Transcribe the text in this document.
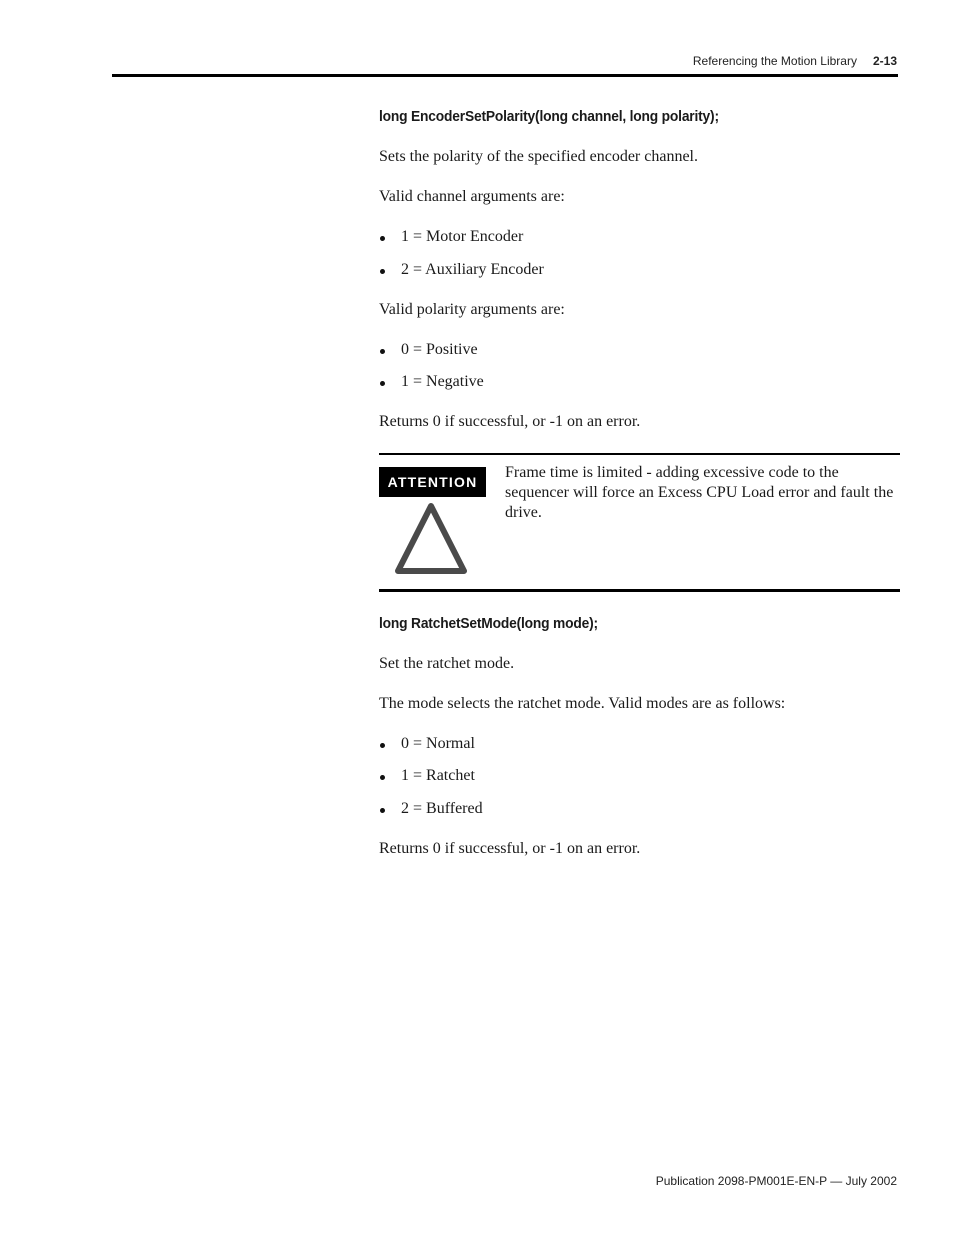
Referencing the Motion Library 2-13
long EncoderSetPolarity(long channel, long polarity);

Sets the polarity of the specified encoder channel.

Valid channel arguments are:

1 = Motor Encoder
2 = Auxiliary Encoder

Valid polarity arguments are:

0 = Positive
1 = Negative

Returns 0 if successful, or -1 on an error.

ATTENTION
Frame time is limited - adding excessive code to the sequencer will force an Excess CPU Load error and fault the drive.
long RatchetSetMode(long mode);

Set the ratchet mode.

The mode selects the ratchet mode. Valid modes are as follows:

0 = Normal
1 = Ratchet
2 = Buffered

Returns 0 if successful, or -1 on an error.

Publication 2098-PM001E-EN-P — July 2002
